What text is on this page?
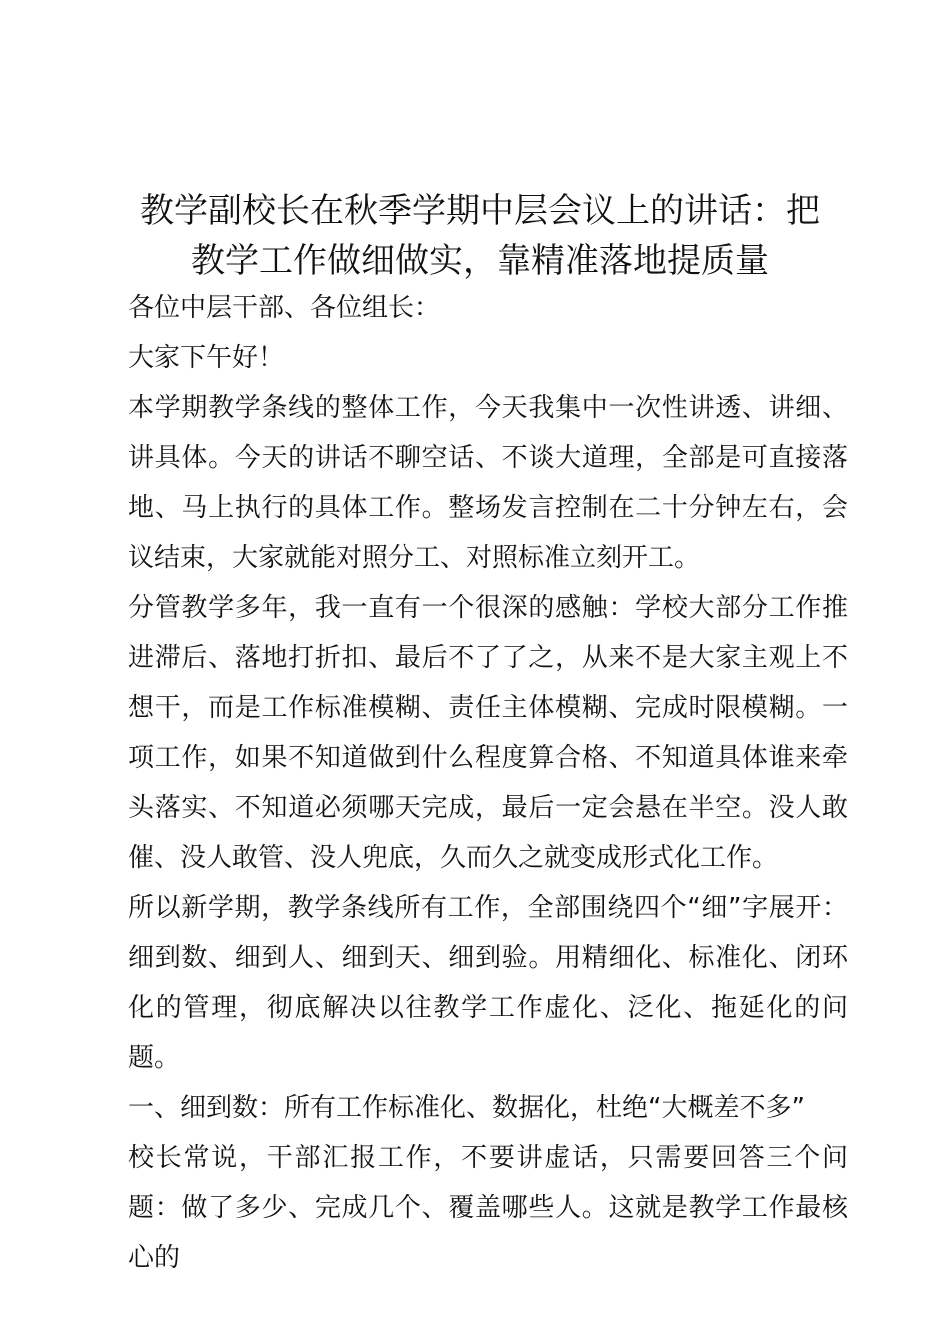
教学副校长在秋季学期中层会议上的讲话：把
教学工作做细做实，靠精准落地提质量

各位中层干部、各位组长：

大家下午好！

本学期教学条线的整体工作，今天我集中一次性讲透、讲细、讲具体。今天的讲话不聊空话、不谈大道理，全部是可直接落地、马上执行的具体工作。整场发言控制在二十分钟左右，会议结束，大家就能对照分工、对照标准立刻开工。

分管教学多年，我一直有一个很深的感触：学校大部分工作推进滞后、落地打折扣、最后不了了之，从来不是大家主观上不想干，而是工作标准模糊、责任主体模糊、完成时限模糊。一项工作，如果不知道做到什么程度算合格、不知道具体谁来牵头落实、不知道必须哪天完成，最后一定会悬在半空。没人敢催、没人敢管、没人兜底，久而久之就变成形式化工作。

所以新学期，教学条线所有工作，全部围绕四个“细”字展开：细到数、细到人、细到天、细到验。用精细化、标准化、闭环化的管理，彻底解决以往教学工作虚化、泛化、拖延化的问题。

一、细到数：所有工作标准化、数据化，杜绝“大概差不多”

校长常说，干部汇报工作，不要讲虚话，只需要回答三个问题：做了多少、完成几个、覆盖哪些人。这就是教学工作最核心的
